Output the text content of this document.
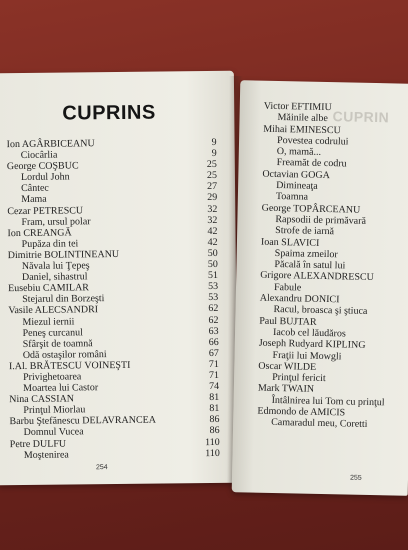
CUPRINS
Ion AGÂRBICEANU	9
Ciocârlia	9
George COŞBUC	25
Lordul John	25
Cântec	27
Mama	29
Cezar PETRESCU	32
Fram, ursul polar	32
Ion CREANGĂ	42
Pupăza din tei	42
Dimitrie BOLINTINEANU	50
Năvala lui Ţepeş	50
Daniel, sihastrul	51
Eusebiu CAMILAR	53
Stejarul din Borzeşti	53
Vasile ALECSANDRI	62
Miezul iernii	62
Peneş curcanul	63
Sfârşit de toamnă	66
Odă ostaşilor români	67
I.Al. BRĂTESCU VOINEŞTI	71
Privighetoarea	71
Moartea lui Castor	74
Nina CASSIAN	81
Prinţul Miorlau	81
Barbu Ştefănescu DELAVRANCEA	86
Domnul Vucea	86
Petre DULFU	110
Moştenirea	110
254
CUPRIN
Victor EFTIMIU
Măinile albe
Mihai EMINESCU
Povestea codrului
O, mamă...
Freamăt de codru
Octavian GOGA
Dimineaţa
Toamna
George TOPÂRCEANU
Rapsodii de primăvară
Strofe de iarnă
Ioan SLAVICI
Spaima zmeilor
Păcală în satul lui
Grigore ALEXANDRESCU
Fabule
Alexandru DONICI
Racul, broasca şi ştiuca
Paul BUJTAR
Iacob cel lăudăros
Joseph Rudyard KIPLING
Fraţii lui Mowgli
Oscar WILDE
Prinţul fericit
Mark TWAIN
Întâlnirea lui Tom cu prinţul
Edmondo de AMICIS
Camaradul meu, Coretti
255
